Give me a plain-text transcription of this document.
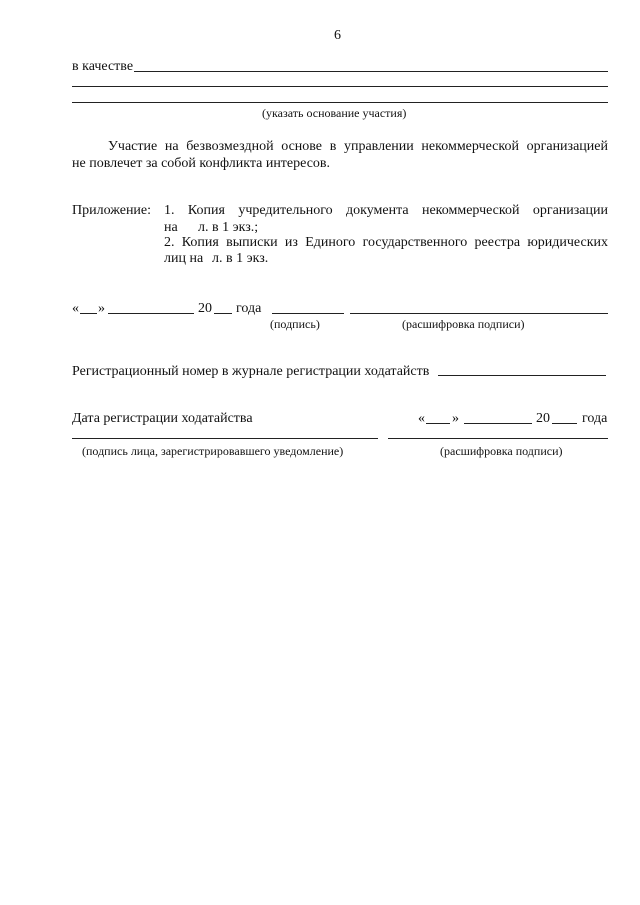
6
в качестве
(указать основание участия)
Участие на безвозмездной основе в управлении некоммерческой организацией
не повлечет за собой конфликта интересов.
Приложение: 1. Копия учредительного документа некоммерческой организации
на л. в 1 экз.;
2. Копия выписки из Единого государственного реестра юридических
лиц на л. в 1 экз.
« »	20 года
(подпись)	(расшифровка подписи)
Регистрационный номер в журнале регистрации ходатайств
Дата регистрации ходатайства	« »	20 года
(подпись лица, зарегистрировавшего уведомление)	(расшифровка подписи)
